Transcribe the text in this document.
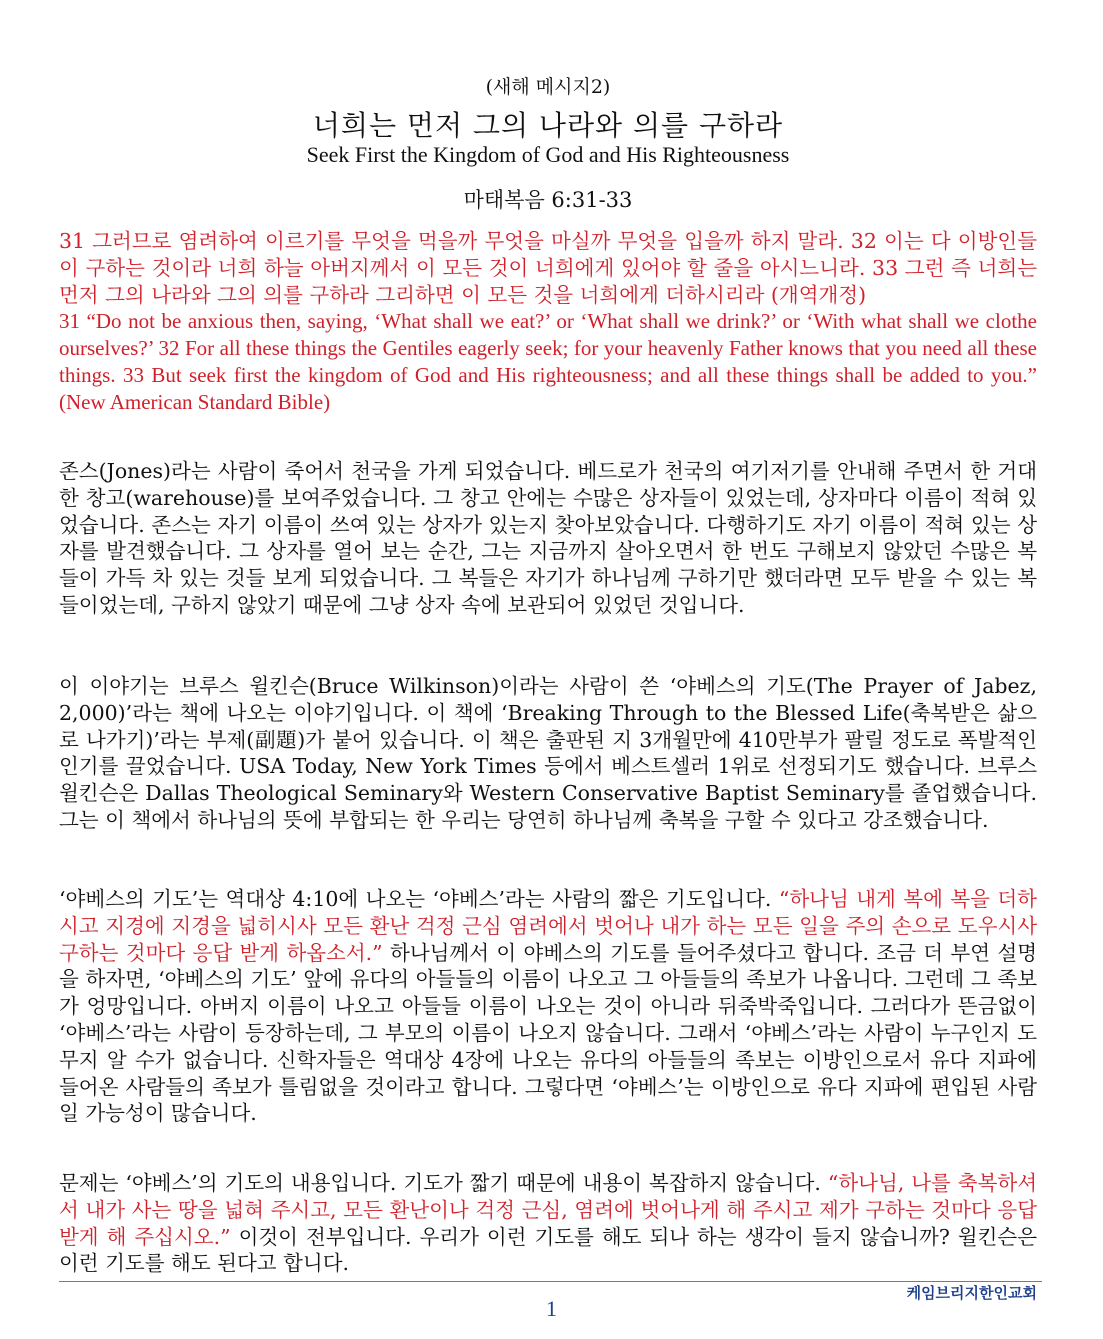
(새해 메시지2)
너희는 먼저 그의 나라와 의를 구하라
Seek First the Kingdom of God and His Righteousness
마태복음 6:31-33
31 그러므로 염려하여 이르기를 무엇을 먹을까 무엇을 마실까 무엇을 입을까 하지 말라. 32 이는 다 이방인들이 구하는 것이라 너희 하늘 아버지께서 이 모든 것이 너희에게 있어야 할 줄을 아시느니라. 33 그런 즉 너희는 먼저 그의 나라와 그의 의를 구하라 그리하면 이 모든 것을 너희에게 더하시리라 (개역개정)
31 “Do not be anxious then, saying, ‘What shall we eat?’ or ‘What shall we drink?’ or ‘With what shall we clothe ourselves?’ 32 For all these things the Gentiles eagerly seek; for your heavenly Father knows that you need all these things. 33 But seek first the kingdom of God and His righteousness; and all these things shall be added to you.” (New American Standard Bible)
존스(Jones)라는 사람이 죽어서 천국을 가게 되었습니다. 베드로가 천국의 여기저기를 안내해 주면서 한 거대한 창고(warehouse)를 보여주었습니다. 그 창고 안에는 수많은 상자들이 있었는데, 상자마다 이름이 적혀 있었습니다. 존스는 자기 이름이 쓰여 있는 상자가 있는지 찾아보았습니다. 다행하기도 자기 이름이 적혀 있는 상자를 발견했습니다. 그 상자를 열어 보는 순간, 그는 지금까지 살아오면서 한 번도 구해보지 않았던 수많은 복들이 가득 차 있는 것들 보게 되었습니다. 그 복들은 자기가 하나님께 구하기만 했더라면 모두 받을 수 있는 복들이었는데, 구하지 않았기 때문에 그냥 상자 속에 보관되어 있었던 것입니다.
이 이야기는 브루스 윌킨슨(Bruce Wilkinson)이라는 사람이 쓴 ‘야베스의 기도(The Prayer of Jabez, 2,000)’라는 책에 나오는 이야기입니다. 이 책에 ‘Breaking Through to the Blessed Life(축복받은 삶으로 나가기)’라는 부제(副題)가 붙어 있습니다. 이 책은 출판된 지 3개월만에 410만부가 팔릴 정도로 폭발적인 인기를 끌었습니다. USA Today, New York Times 등에서 베스트셀러 1위로 선정되기도 했습니다. 브루스 윌킨슨은 Dallas Theological Seminary와 Western Conservative Baptist Seminary를 졸업했습니다. 그는 이 책에서 하나님의 뜻에 부합되는 한 우리는 당연히 하나님께 축복을 구할 수 있다고 강조했습니다.
‘야베스의 기도’는 역대상 4:10에 나오는 ‘야베스’라는 사람의 짧은 기도입니다. “하나님 내게 복에 복을 더하시고 지경에 지경을 넓히시사 모든 환난 걱정 근심 염려에서 벗어나 내가 하는 모든 일을 주의 손으로 도우시사 구하는 것마다 응답 받게 하옵소서.” 하나님께서 이 야베스의 기도를 들어주셨다고 합니다. 조금 더 부연 설명을 하자면, ‘야베스의 기도’ 앞에 유다의 아들들의 이름이 나오고 그 아들들의 족보가 나옵니다. 그런데 그 족보가 엉망입니다. 아버지 이름이 나오고 아들들 이름이 나오는 것이 아니라 뒤죽박죽입니다. 그러다가 뜬금없이 ‘야베스’라는 사람이 등장하는데, 그 부모의 이름이 나오지 않습니다. 그래서 ‘야베스’라는 사람이 누구인지 도무지 알 수가 없습니다. 신학자들은 역대상 4장에 나오는 유다의 아들들의 족보는 이방인으로서 유다 지파에 들어온 사람들의 족보가 틀림없을 것이라고 합니다. 그렇다면 ‘야베스’는 이방인으로 유다 지파에 편입된 사람일 가능성이 많습니다.
문제는 ‘야베스’의 기도의 내용입니다. 기도가 짧기 때문에 내용이 복잡하지 않습니다. “하나님, 나를 축복하셔서 내가 사는 땅을 넓혀 주시고, 모든 환난이나 걱정 근심, 염려에 벗어나게 해 주시고 제가 구하는 것마다 응답 받게 해 주십시오.” 이것이 전부입니다. 우리가 이런 기도를 해도 되나 하는 생각이 들지 않습니까? 윌킨슨은 이런 기도를 해도 된다고 합니다.
1
케임브리지한인교회
